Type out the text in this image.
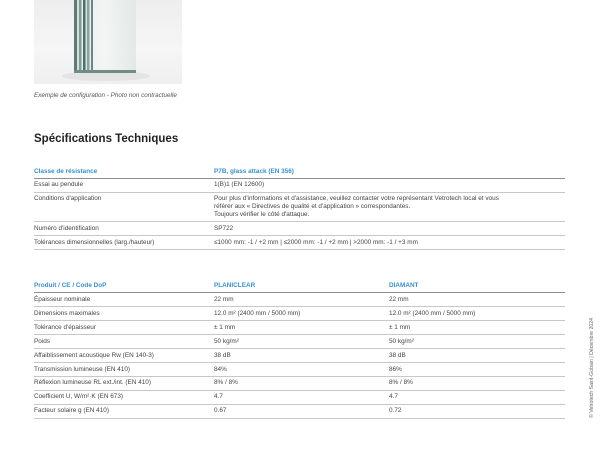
Exemple de configuration - Photo non contractuelle
Spécifications Techniques
Classe de résistance	P7B, glass attack (EN 356)
Essai au pendule	1(B)1 (EN 12600)
Conditions d'application	Pour plus d'informations et d'assistance, veuillez contacter votre représentant Vetrotech local et vous
référer aux « Directives de qualité et d'application » correspondantes.
Toujours vérifier le côté d'attaque.

Numéro d'identification	SP722
Tolérances dimensionnelles (larg./hauteur)	≤1000 mm: -1 / +2 mm | ≤2000 mm: -1 / +2 mm | >2000 mm: -1 / +3 mm
Produit / CE / Code DoP	PLANICLEAR	DIAMANT
Épaisseur nominale	22 mm	22 mm
Dimensions maximales	12.0 m² (2400 mm / 5000 mm)	12.0 m² (2400 mm / 5000 mm)
Tolérance d'épaisseur	± 1 mm	± 1 mm
Poids	50 kg/m²	50 kg/m²
Affaiblissement acoustique Rw (EN 140-3)	38 dB	38 dB
Transmission lumineuse (EN 410)	84%	86%
Réflexion lumineuse RL ext./int. (EN 410)	8% / 8%	8% / 8%
Coefficient U, W/m²·K (EN 673)	4.7	4.7
Facteur solaire g (EN 410)	0.67	0.72	© Vetrotech Saint-Gobain | Décembre 2024
